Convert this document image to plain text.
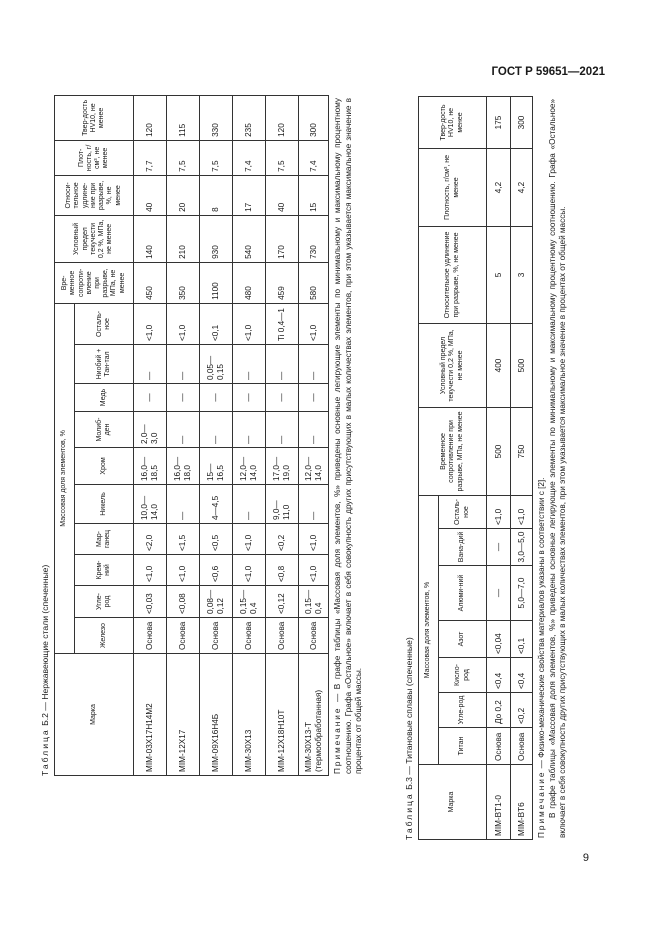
ГОСТ Р 59651—2021
Таблица Б.2 — Нержавеющие стали (спеченные)	Марка	Массовая доля элементов, %										Вре-менное сопроти-вление при разрыве, МПа, не менее	Условный предел текучести 0,2 %, МПа, не менее	Относи-тельное удлине-ние при разрыве, %, не менее	Плот-ность, г/см³, не менее	Твер-дость HV10, не менее
	Железо	Угле-род	Крем-ний	Мар-ганец	Никель	Хром	Молиб-ден	Медь	Ниобий + Тан-тал	Осталь-ное					
MIM-03X17H14M2	Основа	<0,03	<1,0	<2,0	10,0— 14,0	16,0— 18,5	2,0— 3,0	—	—	<1,0	450	140	40	7,7	120
MIM-12X17	Основа	<0,08	<1,0	<1,5	—	16,0— 18,0	—	—	—	<1,0	350	210	20	7,5	115
MIM-09X16H4Б	Основа	0,08— 0,12	<0,6	<0,5	4—4,5	15— 16,5	—	—	0,05— 0,15	<0,1	1100	930	8	7,5	330
MIM-30X13	Основа	0,15— 0,4	<1,0	<1,0	—	12,0— 14,0	—	—	—	<1,0	480	540	17	7,4	235
MIM-12X18H10T	Основа	<0,12	<0,8	<0,2	9,0— 11,0	17,0— 19,0	—	—	—	Ti 0,4—1	459	170	40	7,5	120
MIM-30X13-T (термообработанная)	Основа	0,15— 0,4	<1,0	<1,0	—	12,0— 14,0	—	—	—	<1,0	580	730	15	7,4	300

Примечание — В графе таблицы «Массовая доля элементов, %» приведены основные легирующие элементы по минимальному и максимальному процентному соотношению. Графа «Остальное» включает в себя совокупность других присутствующих в малых количествах элементов, при этом указывается максимальное значение в процентах от общей массы.

Таблица Б.3 — Титановые сплавы (спеченные)
Марка	Массовая доля элементов, %							Временное сопротивление при разрыве, МПа, не менее	Условный предел текучести 0,2 %, МПа, не менее	Относительное удлинение при разрыве, %, не менее	Плотность, г/см³, не менее	Твер-дость HV10, не менее
	Титан	Угле-род	Кисло-род	Азот	Алюми-ний	Вана-дий	Осталь-ное					
MIM-BT1-0	Основа	До 0,2	<0,4	<0,04	—	—	<1,0	500	400	5	4,2	175
MIM-BT6	Основа	<0,2	<0,4	<0,1	5,0—7,0	3,0—5,0	<1,0	750	500	3	4,2	300

Примечание — Физико-механические свойства материалов указаны в соответствии с [2]. В графе таблицы «Массовая доля элементов, %» приведены основные легирующие элементы по минимальному и максимальному процентному соотношению. Графа «Остальное» включает в себя совокупность других присутствующих в малых количествах элементов, при этом указывается максимальное значение в процентах от общей массы.

9
